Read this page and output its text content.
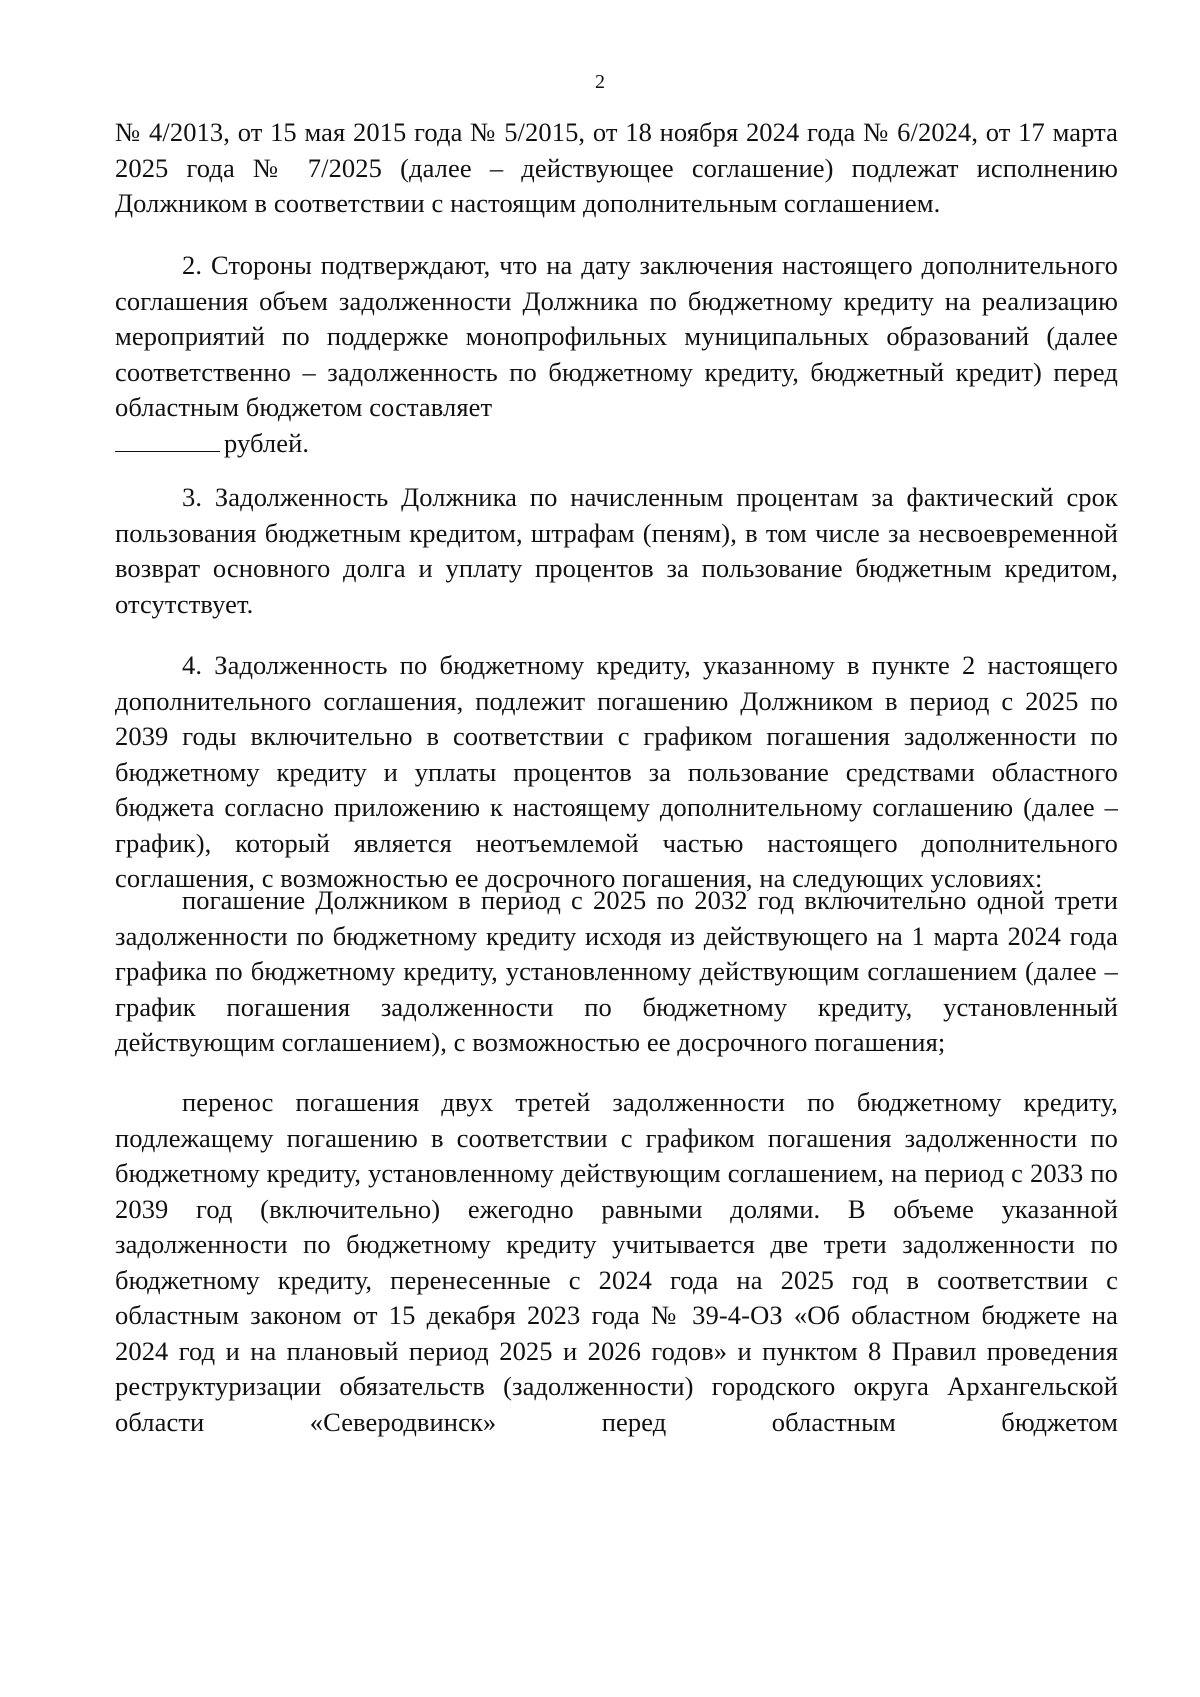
2
№ 4/2013, от 15 мая 2015 года № 5/2015, от 18 ноября 2024 года № 6/2024, от 17 марта 2025 года № 7/2025 (далее – действующее соглашение) подлежат исполнению Должником в соответствии с настоящим дополнительным соглашением.
2. Стороны подтверждают, что на дату заключения настоящего дополнительного соглашения объем задолженности Должника по бюджетному кредиту на реализацию мероприятий по поддержке монопрофильных муниципальных образований (далее соответственно – задолженность по бюджетному кредиту, бюджетный кредит) перед областным бюджетом составляет
рублей.
3. Задолженность Должника по начисленным процентам за фактический срок пользования бюджетным кредитом, штрафам (пеням), в том числе за несвоевременной возврат основного долга и уплату процентов за пользование бюджетным кредитом, отсутствует.
4. Задолженность по бюджетному кредиту, указанному в пункте 2 настоящего дополнительного соглашения, подлежит погашению Должником в период с 2025 по 2039 годы включительно в соответствии с графиком погашения задолженности по бюджетному кредиту и уплаты процентов за пользование средствами областного бюджета согласно приложению к настоящему дополнительному соглашению (далее – график), который является неотъемлемой частью настоящего дополнительного соглашения, с возможностью ее досрочного погашения, на следующих условиях:
погашение Должником в период с 2025 по 2032 год включительно одной трети задолженности по бюджетному кредиту исходя из действующего на 1 марта 2024 года графика по бюджетному кредиту, установленному действующим соглашением (далее – график погашения задолженности по бюджетному кредиту, установленный действующим соглашением), с возможностью ее досрочного погашения;
перенос погашения двух третей задолженности по бюджетному кредиту, подлежащему погашению в соответствии с графиком погашения задолженности по бюджетному кредиту, установленному действующим соглашением, на период с 2033 по 2039 год (включительно) ежегодно равными долями. В объеме указанной задолженности по бюджетному кредиту учитывается две трети задолженности по бюджетному кредиту, перенесенные с 2024 года на 2025 год в соответствии с областным законом от 15 декабря 2023 года № 39-4-ОЗ «Об областном бюджете на 2024 год и на плановый период 2025 и 2026 годов» и пунктом 8 Правил проведения реструктуризации обязательств (задолженности) городского округа Архангельской области «Северодвинск» перед областным бюджетом
